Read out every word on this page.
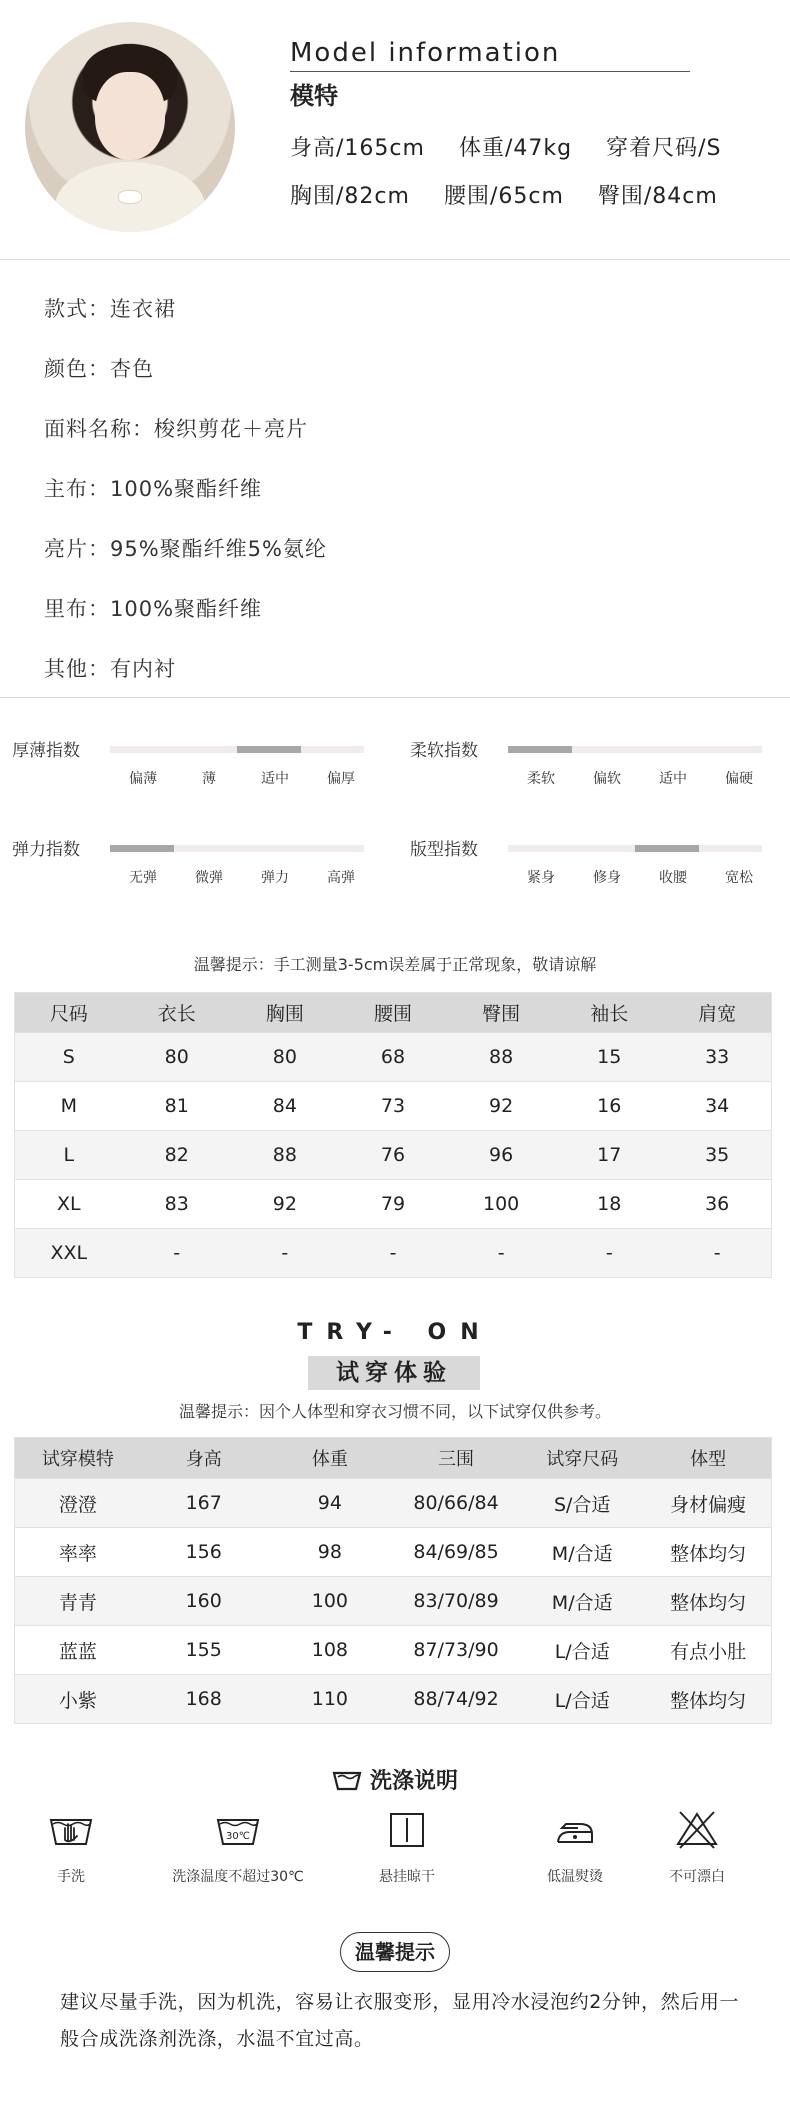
Model information
模特
身高/165cm 体重/47kg 穿着尺码/S
胸围/82cm 腰围/65cm 臀围/84cm
款式：连衣裙
颜色：杏色
面料名称：梭织剪花＋亮片
主布：100%聚酯纤维
亮片：95%聚酯纤维5%氨纶
里布：100%聚酯纤维
其他：有内衬
厚薄指数
偏薄	薄	适中	偏厚
柔软指数
柔软	偏软	适中	偏硬
弹力指数
无弹	微弹	弹力	高弹
版型指数
紧身	修身	收腰	宽松
温馨提示：手工测量3-5cm误差属于正常现象，敬请谅解
尺码	衣长	胸围	腰围	臀围	袖长	肩宽
S	80	80	68	88	15	33
M	81	84	73	92	16	34
L	82	88	76	96	17	35
XL	83	92	79	100	18	36
XXL	-	-	-	-	-	-
TRY- ON
试穿体验
温馨提示：因个人体型和穿衣习惯不同，以下试穿仅供参考。
试穿模特	身高	体重	三围	试穿尺码	体型
澄澄	167	94	80/66/84	S/合适	身材偏瘦
率率	156	98	84/69/85	M/合适	整体均匀
青青	160	100	83/70/89	M/合适	整体均匀
蓝蓝	155	108	87/73/90	L/合适	有点小肚
小紫	168	110	88/74/92	L/合适	整体均匀
洗涤说明
手洗
30℃
洗涤温度不超过30℃	悬挂晾干	低温熨烫	不可漂白
温馨提示
建议尽量手洗，因为机洗，容易让衣服变形，显用冷水浸泡约2分钟，然后用一般合成洗涤剂洗涤，水温不宜过高。
